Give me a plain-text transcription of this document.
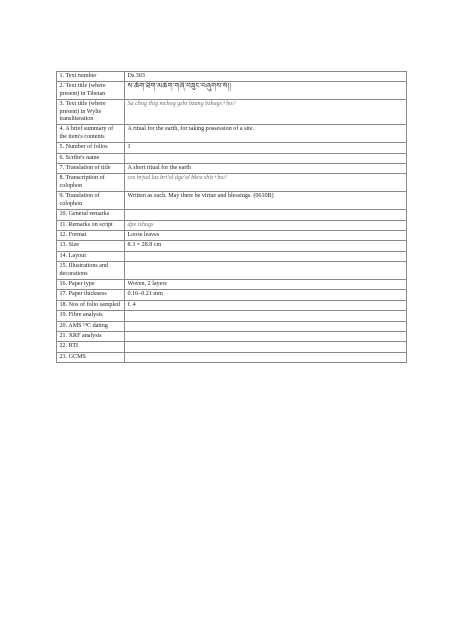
1. Text number	Ds.303
2. Text title (where present) in Tibetan	ས་ཆོག་ཐིག་མཆོག་གཞི་བཟུང་བཞུགས་སོ།།
3. Text title (where present) in Wylie transliteration	Sa chog thig mchog gzhi bzung bzhugs+ho//
4. A brief summary of the item's contents	A ritual for the earth, for taking possession of a site.
5. Number of folios	1
6. Scribe's name	
7. Translation of title	A short ritual for the earth
8. Transcription of colophon	ces brjod las bri'ol dge'ol bkra shis+ho//
9. Translation of colophon	Written as such. May there be virtue and blessings. (0610B)
10. General remarks	
11. Remarks on script	dpe tshugs
12. Format	Loose leaves
13. Size	8.3 × 28.8 cm
14. Layout	
15. Illustrations and decorations	
16. Paper type	Woven, 2 layers
17. Paper thickness	0.16–0.21 mm
18. Nos of folio sampled	f. 4
19. Fibre analysis	
20. AMS ¹⁴C dating	
21. XRF analysis	
22. RTI	
23. GCMS	
